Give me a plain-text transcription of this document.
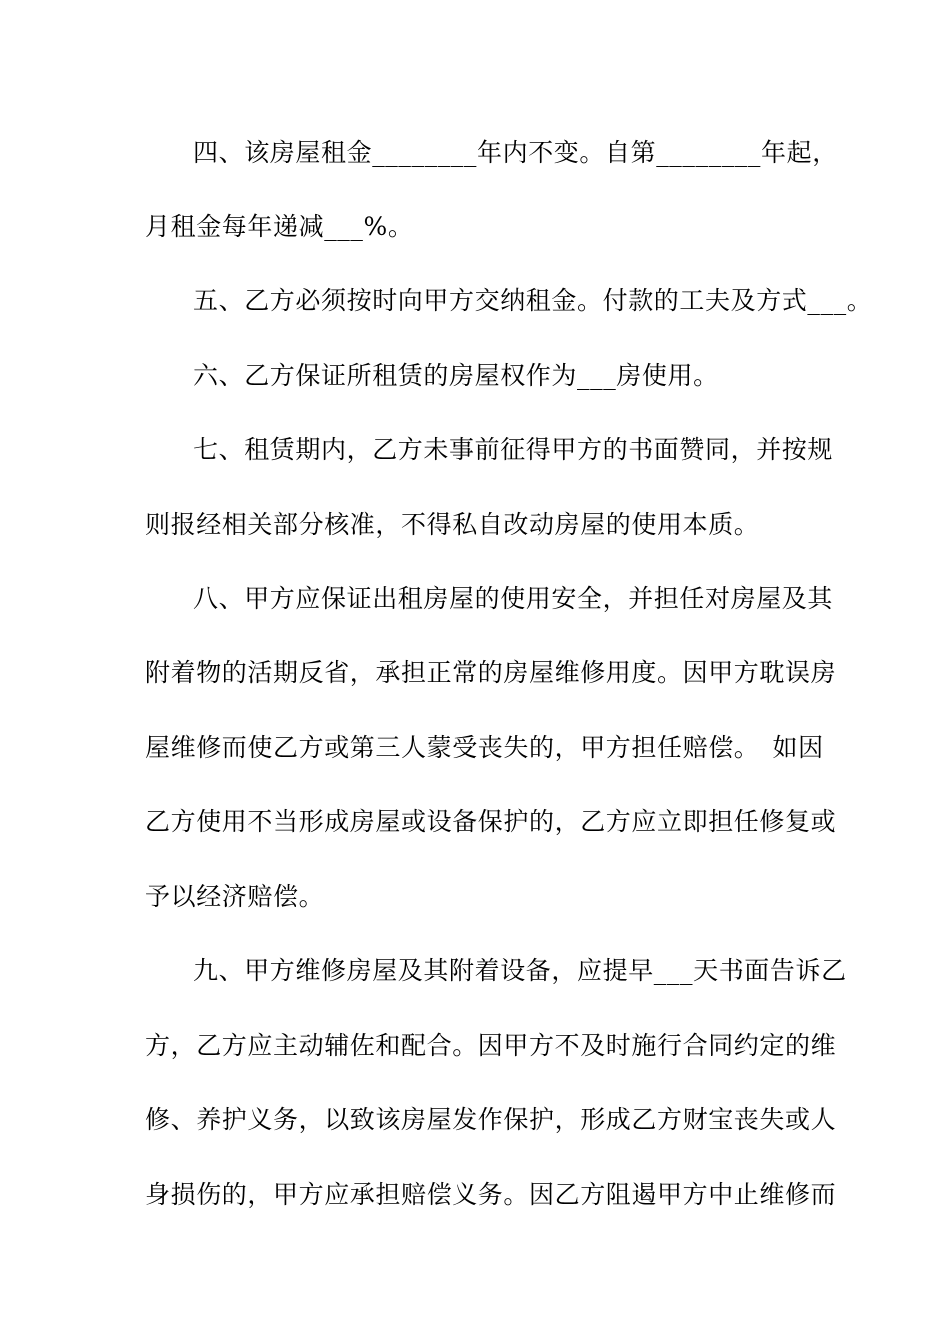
四、该房屋租金________年内不变。自第________年起，
月租金每年递减___%。
五、乙方必须按时向甲方交纳租金。付款的工夫及方式___。
六、乙方保证所租赁的房屋权作为___房使用。
七、租赁期内，乙方未事前征得甲方的书面赞同，并按规
则报经相关部分核准，不得私自改动房屋的使用本质。
八、甲方应保证出租房屋的使用安全，并担任对房屋及其
附着物的活期反省，承担正常的房屋维修用度。因甲方耽误房
屋维修而使乙方或第三人蒙受丧失的，甲方担任赔偿。　如因
乙方使用不当形成房屋或设备保护的，乙方应立即担任修复或
予以经济赔偿。
九、甲方维修房屋及其附着设备，应提早___天书面告诉乙
方，乙方应主动辅佐和配合。因甲方不及时施行合同约定的维
修、养护义务，以致该房屋发作保护，形成乙方财宝丧失或人
身损伤的，甲方应承担赔偿义务。因乙方阻遏甲方中止维修而
